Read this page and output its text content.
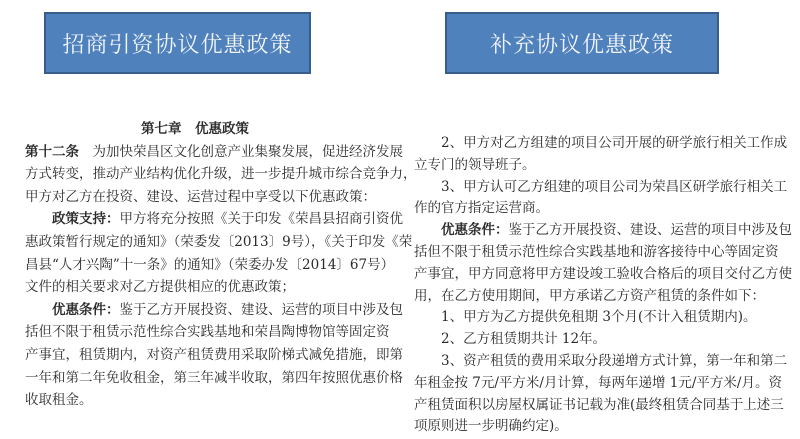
招商引资协议优惠政策	补充协议优惠政策
第七章　优惠政策
第十二条　为加快荣昌区文化创意产业集聚发展，促进经济发展
方式转变，推动产业结构优化升级，进一步提升城市综合竞争力，
甲方对乙方在投资、建设、运营过程中享受以下优惠政策：
政策支持：甲方将充分按照《关于印发《荣昌县招商引资优
惠政策暂行规定的通知》（荣委发〔2013〕9号），《关于印发《荣
昌县“人才兴陶”十一条》的通知》（荣委办发〔2014〕67号）
文件的相关要求对乙方提供相应的优惠政策；
优惠条件：鉴于乙方开展投资、建设、运营的项目中涉及包
括但不限于租赁示范性综合实践基地和荣昌陶博物馆等固定资
产事宜，租赁期内，对资产租赁费用采取阶梯式减免措施，即第
一年和第二年免收租金，第三年减半收取，第四年按照优惠价格
收取租金。
2、甲方对乙方组建的项目公司开展的研学旅行相关工作成
立专门的领导班子。
3、甲方认可乙方组建的项目公司为荣昌区研学旅行相关工
作的官方指定运营商。
优惠条件：鉴于乙方开展投资、建设、运营的项目中涉及包
括但不限于租赁示范性综合实践基地和游客接待中心等固定资
产事宜，甲方同意将甲方建设竣工验收合格后的项目交付乙方使
用，在乙方使用期间，甲方承诺乙方资产租赁的条件如下：
1、甲方为乙方提供免租期 3个月(不计入租赁期内)。
2、乙方租赁期共计 12年。
3、资产租赁的费用采取分段递增方式计算，第一年和第二
年租金按 7元/平方米/月计算，每两年递增 1元/平方米/月。资
产租赁面积以房屋权属证书记载为准(最终租赁合同基于上述三
项原则进一步明确约定)。
